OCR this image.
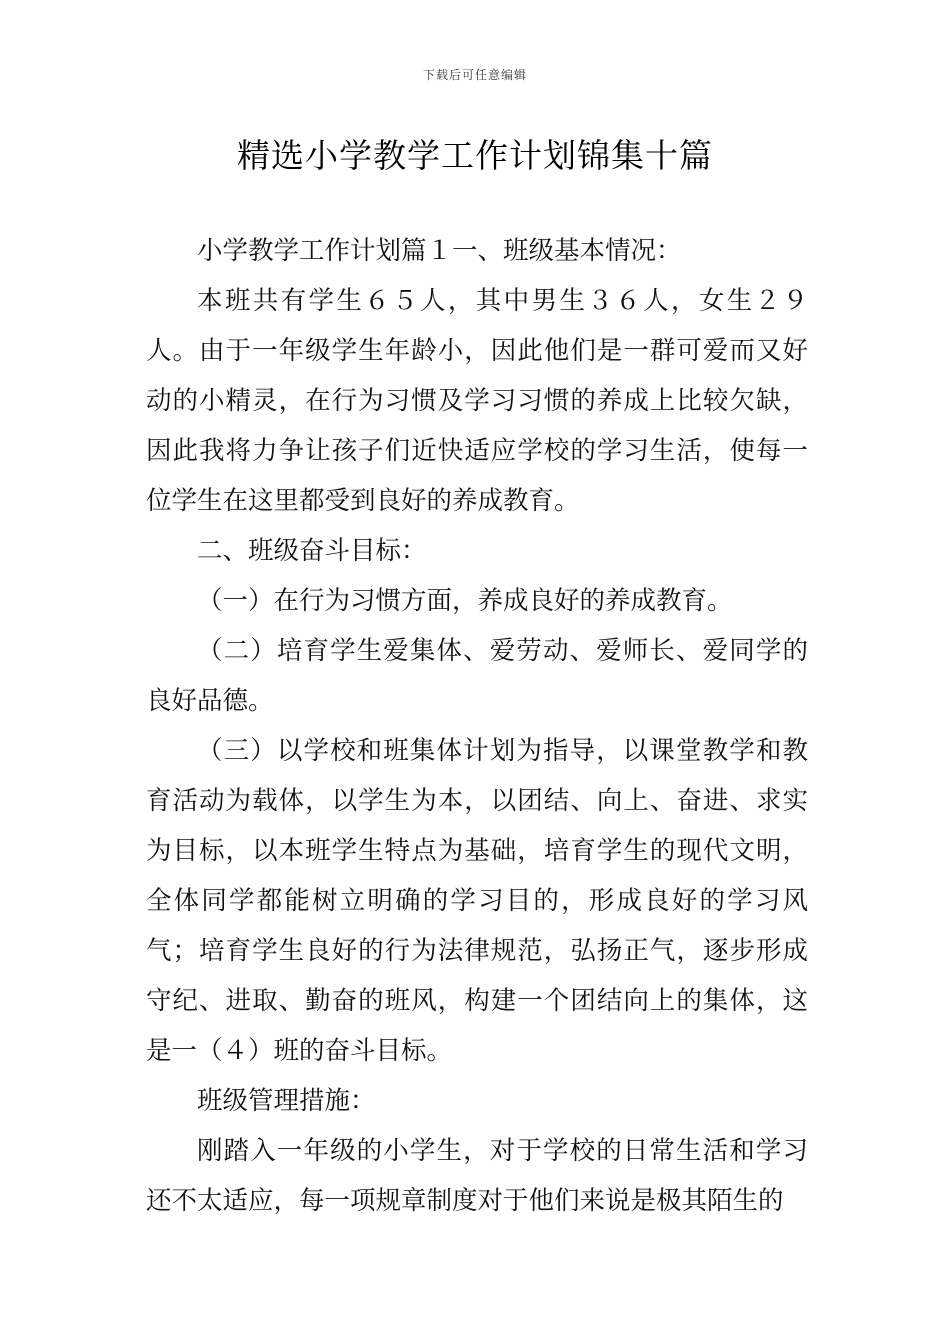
下载后可任意编辑
精选小学教学工作计划锦集十篇

小学教学工作计划篇１一、班级基本情况：

本班共有学生６５人，其中男生３６人，女生２９人。由于一年级学生年龄小，因此他们是一群可爱而又好动的小精灵，在行为习惯及学习习惯的养成上比较欠缺，因此我将力争让孩子们近快适应学校的学习生活，使每一位学生在这里都受到良好的养成教育。

二、班级奋斗目标：

（一）在行为习惯方面，养成良好的养成教育。

（二）培育学生爱集体、爱劳动、爱师长、爱同学的良好品德。

（三）以学校和班集体计划为指导，以课堂教学和教育活动为载体，以学生为本，以团结、向上、奋进、求实为目标，以本班学生特点为基础，培育学生的现代文明，全体同学都能树立明确的学习目的，形成良好的学习风气；培育学生良好的行为法律规范，弘扬正气，逐步形成守纪、进取、勤奋的班风，构建一个团结向上的集体，这是一（４）班的奋斗目标。

班级管理措施：

刚踏入一年级的小学生，对于学校的日常生活和学习还不太适应，每一项规章制度对于他们来说是极其陌生的
